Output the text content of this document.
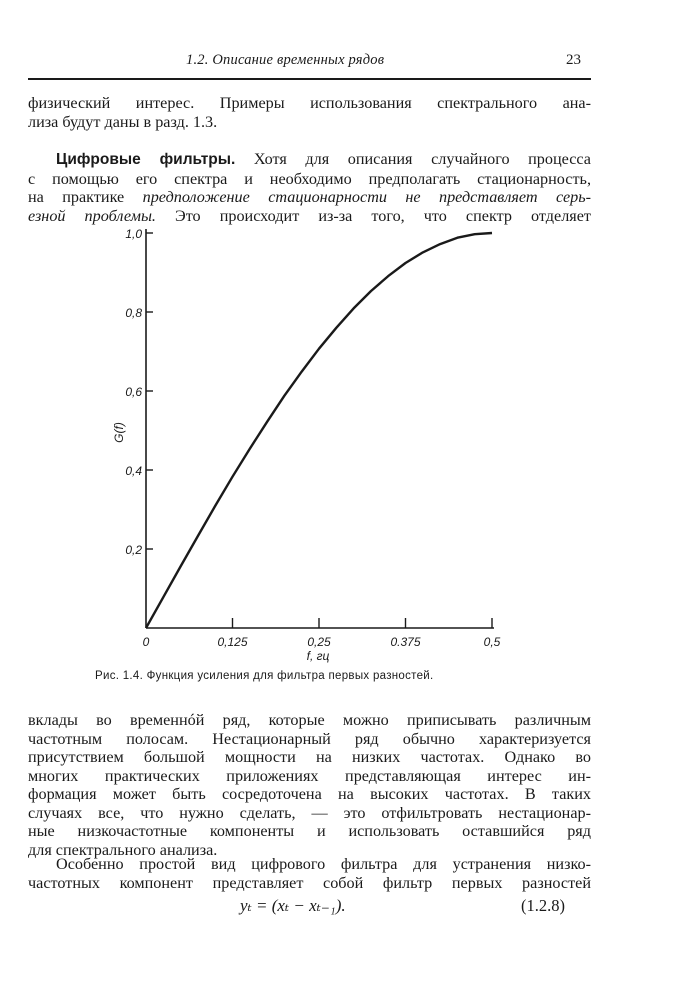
1.2. Описание временных рядов	23
физический интерес. Примеры использования спектрального ана-
лиза будут даны в разд. 1.3.
Цифровые фильтры. Хотя для описания случайного процесса
с помощью его спектра и необходимо предполагать стационарность,
на практике предположение стационарности не представляет серь-
езной проблемы. Это происходит из-за того, что спектр отделяет
0	0,125	0,25	0.375	0,5
0,2
0,4
0,6
0,8
1,0
f, гц
G(f)
Рис. 1.4. Функция усиления для фильтра первых разностей.
вклады во временнóй ряд, которые можно приписывать различным
частотным полосам. Нестационарный ряд обычно характеризуется
присутствием большой мощности на низких частотах. Однако во
многих практических приложениях представляющая интерес ин-
формация может быть сосредоточена на высоких частотах. В таких
случаях все, что нужно сделать, — это отфильтровать нестационар-
ные низкочастотные компоненты и использовать оставшийся ряд
для спектрального анализа.
Особенно простой вид цифрового фильтра для устранения низко-
частотных компонент представляет собой фильтр первых разностей
yₜ = (xₜ − xₜ₋₁).	(1.2.8)
